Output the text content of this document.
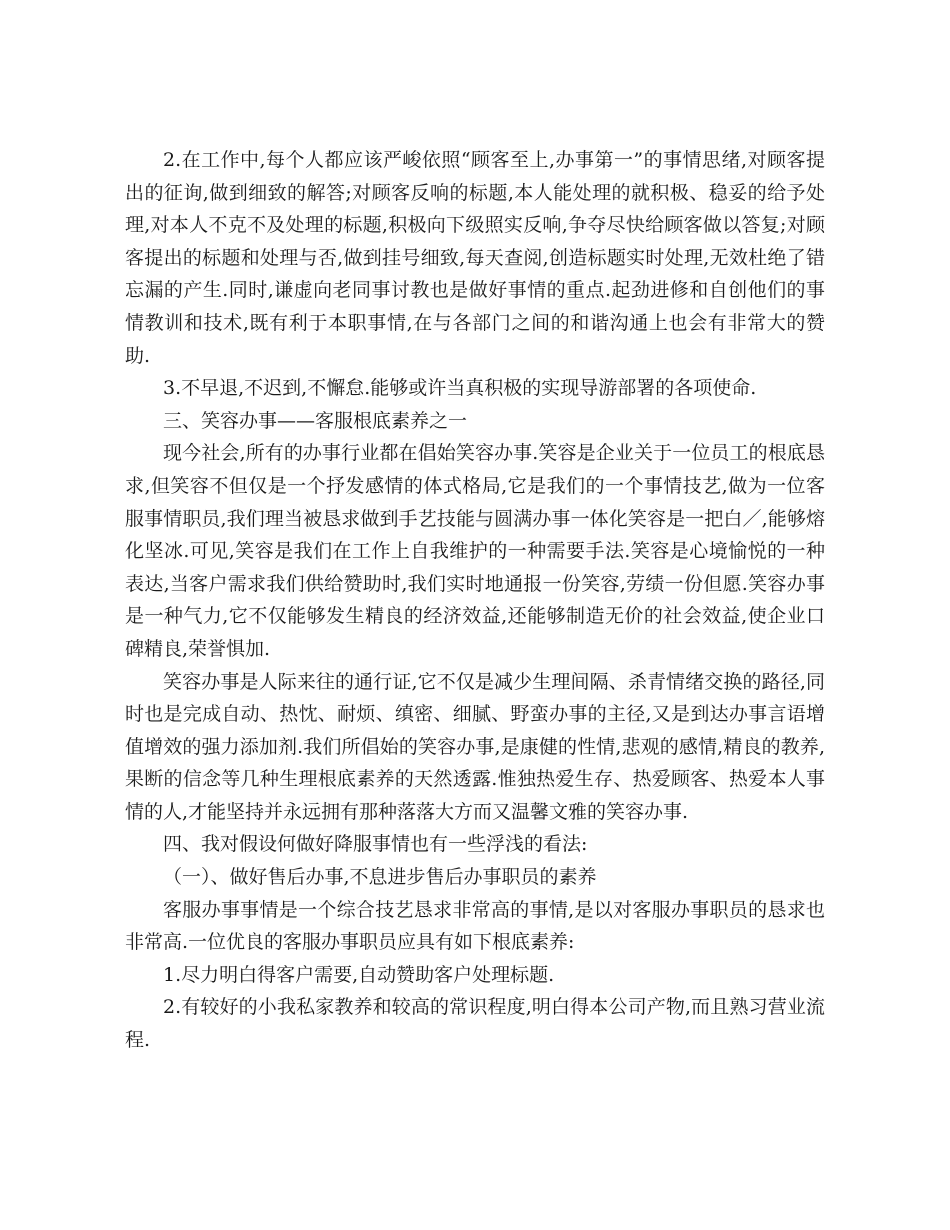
2.在工作中,每个人都应该严峻依照“顾客至上,办事第一”的事情思绪,对顾客提出的征询,做到细致的解答;对顾客反响的标题,本人能处理的就积极、稳妥的给予处理,对本人不克不及处理的标题,积极向下级照实反响,争夺尽快给顾客做以答复;对顾客提出的标题和处理与否,做到挂号细致,每天查阅,创造标题实时处理,无效杜绝了错忘漏的产生.同时,谦虚向老同事讨教也是做好事情的重点.起劲进修和自创他们的事情教训和技术,既有利于本职事情,在与各部门之间的和谐沟通上也会有非常大的赞助.

3.不早退,不迟到,不懈怠.能够或许当真积极的实现导游部署的各项使命.

三、笑容办事——客服根底素养之一

现今社会,所有的办事行业都在倡始笑容办事.笑容是企业关于一位员工的根底恳求,但笑容不但仅是一个抒发感情的体式格局,它是我们的一个事情技艺,做为一位客服事情职员,我们理当被恳求做到手艺技能与圆满办事一体化笑容是一把白／,能够熔化坚冰.可见,笑容是我们在工作上自我维护的一种需要手法.笑容是心境愉悦的一种表达,当客户需求我们供给赞助时,我们实时地通报一份笑容,劳绩一份但愿.笑容办事是一种气力,它不仅能够发生精良的经济效益,还能够制造无价的社会效益,使企业口碑精良,荣誉惧加.

笑容办事是人际来往的通行证,它不仅是减少生理间隔、杀青情绪交换的路径,同时也是完成自动、热忱、耐烦、缜密、细腻、野蛮办事的主径,又是到达办事言语增值增效的强力添加剂.我们所倡始的笑容办事,是康健的性情,悲观的感情,精良的教养,果断的信念等几种生理根底素养的天然透露.惟独热爱生存、热爱顾客、热爱本人事情的人,才能坚持并永远拥有那种落落大方而又温馨文雅的笑容办事.

四、我对假设何做好降服事情也有一些浮浅的看法:

（一）、做好售后办事,不息进步售后办事职员的素养

客服办事事情是一个综合技艺恳求非常高的事情,是以对客服办事职员的恳求也非常高.一位优良的客服办事职员应具有如下根底素养:

1.尽力明白得客户需要,自动赞助客户处理标题.

2.有较好的小我私家教养和较高的常识程度,明白得本公司产物,而且熟习营业流程.
